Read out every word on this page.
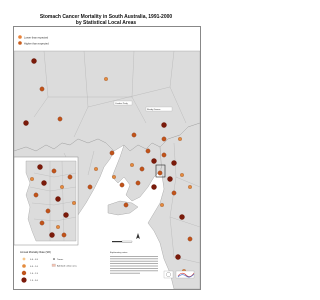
Stomach Cancer Mortality in South Australia, 1991-2000
by Statistical Local Areas
Lower than expected
Higher than expected
Coober Pedy
Roxby Downs
Annual Mortality Rate (SR)
0.0 - 0.5
0.5 - 1.0
1.0 - 1.5
1.5 - 5.0
Towns
Adelaide urban area
Explanatory notes
